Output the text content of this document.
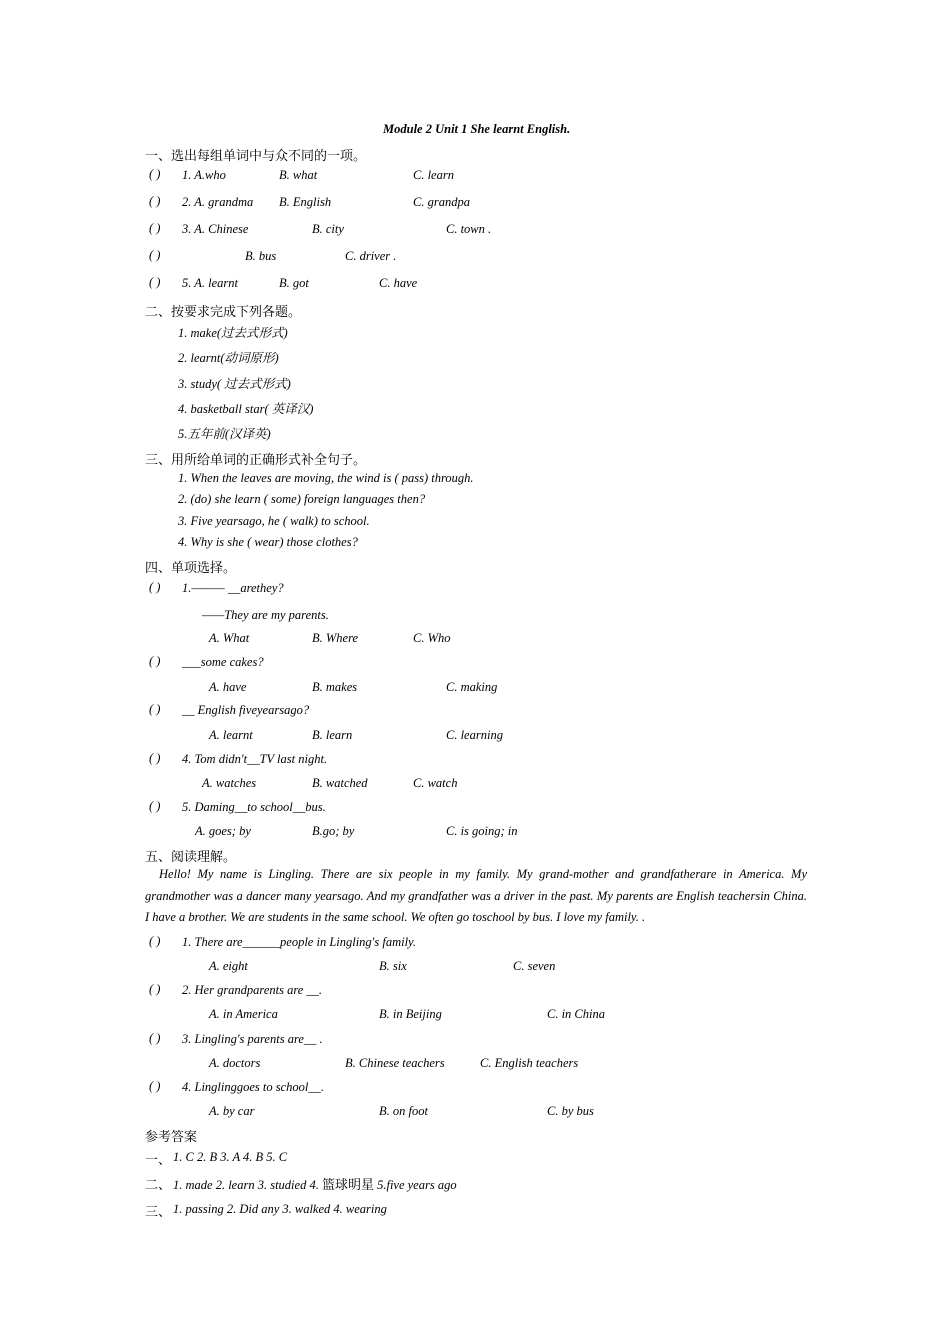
Module 2 Unit 1 She learnt English.
一、选出每组单词中与众不同的一项。
( ) 1. A.who	B. what	C. learn
( ) 2. A. grandma B. English	C. grandpa
( ) 3. A. Chinese	B. city	C. town .
( )	B. bus	C. driver .
( ) 5. A. learnt	B. got	C. have
二、按要求完成下列各题。
1. make(过去式形式)
2. learnt(动词原形)
3. study( 过去式形式)
4. basketball star( 英译汉)
5.五年前(汉译英)
三、用所给单词的正确形式补全句子。
1. When the leaves are moving, the wind is ( pass) through.
2. (do) she learn ( some) foreign languages then?
3. Five yearsago, he ( walk) to school.
4. Why is she ( wear) those clothes?
四、单项选择。
( ) 1.——— __arethey?
——They are my parents.
A. What	B. Where	C. Who
( ) ___some cakes?
A. have	B. makes	C. making
( ) __ English fiveyearsago?
A. learnt	B. learn	C. learning
( ) 4. Tom didn't__TV last night.
A. watches	B. watched	C. watch
( ) 5. Daming__to school__bus.
A. goes; by	B.go; by	C. is going; in
五、阅读理解。
Hello! My name is Lingling. There are six people in my family. My grand-mother and grandfatherare in America. My grandmother was a dancer many yearsago. And my grandfather was a driver in the past. My parents are English teachersin China. I have a brother. We are students in the same school. We often go toschool by bus. I love my family. .
( ) 1. There are______people in Lingling's family.
A. eight	B. six	C. seven
( ) 2. Her grandparents are __.
A. in America	B. in Beijing	C. in China
( ) 3. Lingling's parents are__ .
A. doctors	B. Chinese teachers	C. English teachers
( ) 4. Linglinggoes to school__.
A. by car	B. on foot	C. by bus
参考答案
一、 1. C 2. B 3. A 4. B 5. C
二、 1. made 2. learn 3. studied 4. 篮球明星 5.five years ago
三、 1. passing 2. Did any 3. walked 4. wearing
